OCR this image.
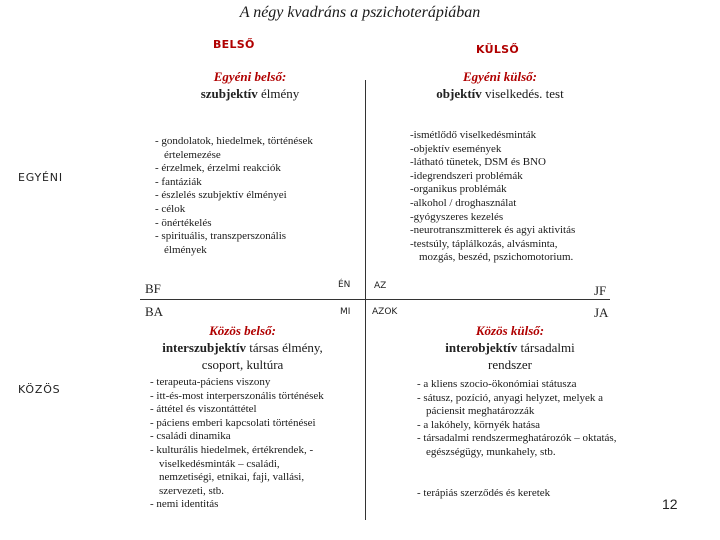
A négy kvadráns a pszichoterápiában
BELSŐ	KÜLSŐ
EGYÉNI
KÖZÖS
Egyéni belső:
szubjektív élmény
- gondolatok, hiedelmek, történések
értelemezése
- érzelmek, érzelmi reakciók
- fantáziák
- észlelés szubjektív élményei
- célok
- önértékelés
- spirituális, transzperszonális
élmények
Egyéni külső:
objektív viselkedés. test
-ismétlődő viselkedésminták
-objektív események
-látható tünetek, DSM és BNO
-idegrendszeri problémák
-organikus problémák
-alkohol / droghasználat
-gyógyszeres kezelés
-neurotranszmitterek és agyi aktivitás
-testsúly, táplálkozás, alvásminta,
mozgás, beszéd, pszichomotorium.
BF
BA
JF
JA
ÉN
MI
AZ
AZOK
Közös belső:
interszubjektív társas élmény,
csoport, kultúra
- terapeuta-páciens viszony
- itt-és-most interperszonális történések
- áttétel és viszontáttétel
- páciens emberi kapcsolati történései
- családi dinamika
- kulturális hiedelmek, értékrendek, -
viselkedésminták – családi,
nemzetiségi, etnikai, faji, vallási,
szervezeti, stb.
- nemi identitás
Közös külső:
interobjektív társadalmi
rendszer
- a kliens szocio-ökonómiai státusza
- sátusz, pozíció, anyagi helyzet, melyek a
páciensit meghatározzák
- a lakóhely, környék hatása
- társadalmi rendszermeghatározók – oktatás,
egészségügy, munkahely, stb.
- terápiás szerződés és keretek
12
